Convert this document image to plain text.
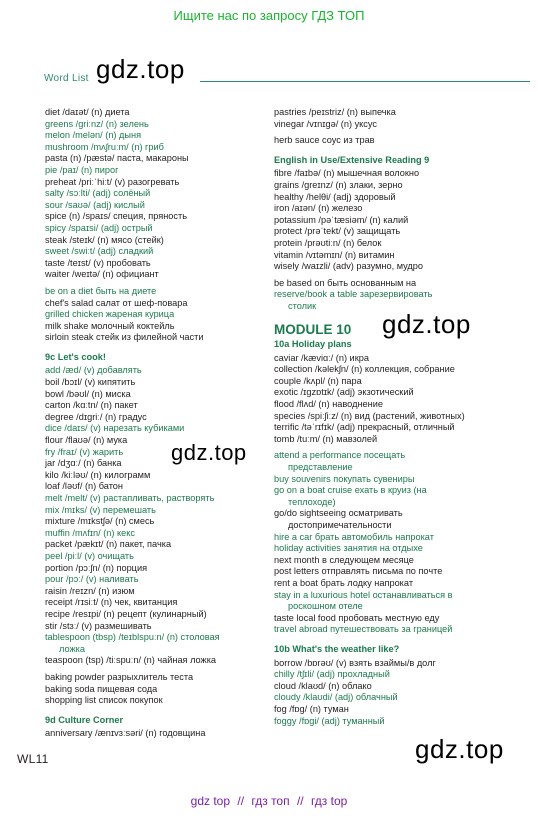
Ищите нас по запросу ГДЗ ТОП
Word List gdz.top
gdz.top
gdz.top
gdz.top
diet /daɪət/ (n) диета
greens /ɡriːnz/ (n) зелень
melon /melən/ (n) дыня
mushroom /mʌʃruːm/ (n) гриб
pasta (n) /pæstə/ паста, макароны
pie /paɪ/ (n) пирог
preheat /priːˈhiːt/ (v) разогревать
salty /sɔːlti/ (adj) солёный
sour /saʊə/ (adj) кислый
spice (n) /spaɪs/ специя, пряность
spicy /spaɪsi/ (adj) острый
steak /steɪk/ (n) мясо (стейк)
sweet /swiːt/ (adj) сладкий
taste /teɪst/ (v) пробовать
waiter /weɪtə/ (n) официант
be on a diet быть на диете
chef's salad салат от шеф-повара
grilled chicken жареная курица
milk shake молочный коктейль
sirloin steak стейк из филейной части
9c Let's cook!
add /æd/ (v) добавлять
boil /bɔɪl/ (v) кипятить
bowl /bəʊl/ (n) миска
carton /kɑːtn/ (n) пакет
degree /dɪɡriː/ (n) градус
dice /daɪs/ (v) нарезать кубиками
flour /flaʊə/ (n) мука
fry /fraɪ/ (v) жарить
jar /dʒɑː/ (n) банка
kilo /kiːləʊ/ (n) килограмм
loaf /ləʊf/ (n) батон
melt /melt/ (v) растапливать, растворять
mix /mɪks/ (v) перемешать
mixture /mɪkstʃə/ (n) смесь
muffin /mʌfɪn/ (n) кекс
packet /pækɪt/ (n) пакет, пачка
peel /piːl/ (v) очищать
portion /pɔːʃn/ (n) порция
pour /pɔː/ (v) наливать
raisin /reɪzn/ (n) изюм
receipt /rɪsiːt/ (n) чек, квитанция
recipe /resɪpi/ (n) рецепт (кулинарный)
stir /stɜː/ (v) размешивать
tablespoon (tbsp) /teɪblspuːn/ (n) столовая
ложка
teaspoon (tsp) /tiːspuːn/ (n) чайная ложка
baking powder разрыхлитель теста
baking soda пищевая сода
shopping list список покупок
9d Culture Corner
anniversary /ænɪvɜːsəri/ (n) годовщина
pastries /peɪstriz/ (n) выпечка
vinegar /vɪnɪɡə/ (n) уксус
herb sauce соус из трав
English in Use/Extensive Reading 9
fibre /faɪbə/ (n) мышечная волокно
grains /ɡreɪnz/ (n) злаки, зерно
healthy /helθi/ (adj) здоровый
iron /aɪən/ (n) железо
potassium /pəˈtæsiəm/ (n) калий
protect /prəˈtekt/ (v) защищать
protein /prəʊtiːn/ (n) белок
vitamin /vɪtəmɪn/ (n) витамин
wisely /waɪzli/ (adv) разумно, мудро
be based on быть основанным на
reserve/book a table зарезервировать
столик
MODULE 10
10a Holiday plans
caviar /kæviɑː/ (n) икра
collection /kəlekʃn/ (n) коллекция, собрание
couple /kʌpl/ (n) пара
exotic /ɪɡzɒtɪk/ (adj) экзотический
flood /flʌd/ (n) наводнение
species /spiːʃiːz/ (n) вид (растений, животных)
terrific /təˈrɪfɪk/ (adj) прекрасный, отличный
tomb /tuːm/ (n) мавзолей
attend a performance посещать
представление
buy souvenirs покупать сувениры
go on a boat cruise ехать в круиз (на
теплоходе)
go/do sightseeing осматривать
достопримечательности
hire a car брать автомобиль напрокат
holiday activities занятия на отдыхе
next month в следующем месяце
post letters отправлять письма по почте
rent a boat брать лодку напрокат
stay in a luxurious hotel останавливаться в
роскошном отеле
taste local food пробовать местную еду
travel abroad путешествовать за границей
10b What's the weather like?
borrow /bɒrəʊ/ (v) взять взаймы/в долг
chilly /tʃɪli/ (adj) прохладный
cloud /klaʊd/ (n) облако
cloudy /klaʊdi/ (adj) облачный
fog /fɒɡ/ (n) туман
foggy /fɒɡi/ (adj) туманный
WL11
gdz top // гдз топ // гдз top
